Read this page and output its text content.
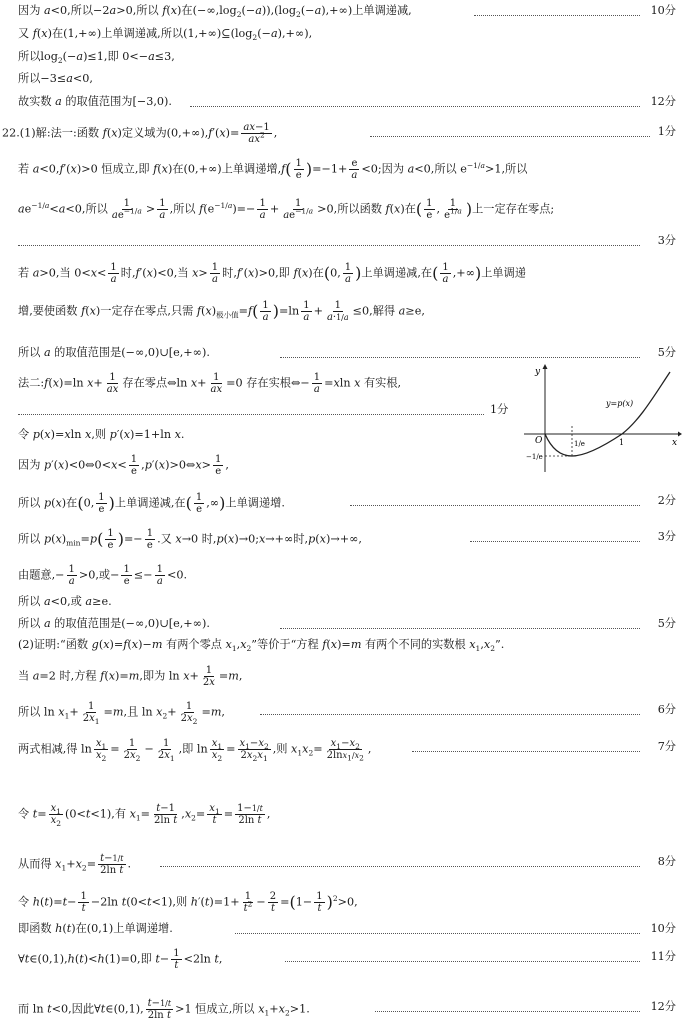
因为 a<0,所以−2a>0,所以 f(x)在$(-\infty,\log_2(-a)),(\log_2(-a),+\infty)$上单调递减,	10分
又 f(x)在(1,+∞)上单调递减,所以$(1,+\infty)⊆(\log_2(-a),+\infty)$,
所以$\log_2(-a)\le 1$,即 0<−a≤3,
所以−3≤a<0,
故实数 a 的取值范围为[−3,0).	12分
22.(1)解:法一:函数 f(x)定义域为$(0,+\infty),f'(x)= \frac{ax-1}{ax^2}$ ,	1分
若 a<0,f′(x)>0 恒成立,即 f(x)在(0,+∞)上单调递增$,f( \frac{1}{e} )=-1+ \frac{e}{a} <0$;因为 a<0,所以 $e^{-1/a}>1$,所以
$ae^{-1/a}<a<0$,所以 $\frac{1}{ae^{-1/a}} > \frac{1}{a}$ ,所以 $f(e^{-1/a})=- \frac{1}{a} + \frac{1}{ae^{-1/a}} >0$,所以函数 f(x)在( $\frac{1}{e}$ , $\frac{1}{e^{1/a}}$ )上一定存在零点;
3分
若 a>0,当 $0<x< \frac{1}{a}$ 时,f′(x)<0,当 $x> \frac{1}{a}$ 时,f′(x)>0,即 f(x)在(0, $\frac{1}{a}$ )上单调递减,在( $\frac{1}{a}$ ,+∞)上单调递
增,要使函数 f(x)一定存在零点,只需 $f(x)_{极小值}=f( \frac{1}{a} )=\ln \frac{1}{a} + \frac{1}{a\cdot 1/a} \le 0$,解得 a≥e,
所以 a 的取值范围是(−∞,0)∪[e,+∞).	5分
法二:f(x)=ln $x+ \frac{1}{ax}$ 存在零点⇔ln $x+ \frac{1}{ax} =0$ 存在实根⇔− $\frac{1}{a} =xln$ x 有实根,
1分
令 p(x)=xln x,则 p′(x)=1+ln x.
因为 p′(x)<0⇔0<x< $\frac{1}{e}$ ,p′(x)>0⇔x> $\frac{1}{e}$ ,
所以 p(x)在(0, $\frac{1}{e}$ )上单调递减,在( $\frac{1}{e}$ ,∞)上单调递增.	2分
所以 $p(x)_{min}=p( \frac{1}{e}$ )=− $\frac{1}{e}$ .又 x→0 时,p(x)→0;x→+∞时,p(x)→+∞,	3分
由题意,− $\frac{1}{a} >0$,或− $\frac{1}{e} \le- \frac{1}{a} <0$.
所以 a<0,或 a≥e.
所以 a 的取值范围是(−∞,0)∪[e,+∞).	5分
(2)证明:“函数 g(x)=f(x)−m 有两个零点 $x_1,x_2$”等价于“方程 f(x)=m 有两个不同的实数根 $x_1,x_2$”.
当 a=2 时,方程 f(x)=m,即为 $\ln x+ \frac{1}{2x} =m$,
所以 $\ln x_1+ \frac{1}{2x_1} =m$,且 $\ln x_2+ \frac{1}{2x_2} =m$,	6分
两式相减,得 $\ln \frac{x_1}{x_2} = \frac{1}{2x_2} - \frac{1}{2x_1}$ ,即 $\ln \frac{x_1}{x_2} = \frac{x_1-x_2}{2x_2x_1}$ ,则 $x_1x_2= \frac{x_1-x_2}{2\ln x_1/x_2}$ ,	7分
令 $t= \frac{x_1}{x_2} (0<t<1)$,有 $x_1= \frac{t-1}{\text{2ln t}} ,x_2= \frac{x_1}{t} = \frac{1-1/t}{\text{2ln t}}$ ,
从而得 $x_1+x_2= \frac{t-1/t}{\text{2ln t}}$ .	8分
令 $h(t)=t- \frac{1}{t} -2\ln$ t(0<t<1),则 $h'(t)=1+ \frac{1}{t^2} - \frac{2}{t} =(1- \frac{1}{t} )^2>0$,
即函数 h(t)在(0,1)上单调递增.	10分
∀t∈(0,1),h(t)<h(1)=0,即 $t- \frac{1}{t} <2\ln$ t,	11分
而 ln t<0,因此∀t∈(0,1), $\frac{t-1/t}{\text{2ln t}} >1$ 恒成立,所以 $x_1+x_2>1$.	12分
y
x
O
y=p(x)
1
1/e
−1/e
